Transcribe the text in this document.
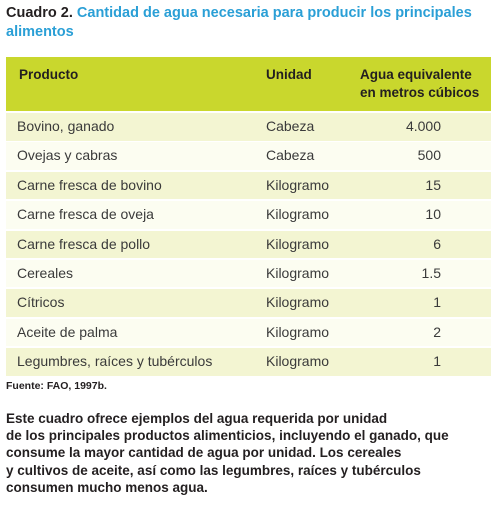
Cuadro 2. Cantidad de agua necesaria para producir los principales alimentos
Producto	Unidad	Agua equivalente
en metros cúbicos
Bovino, ganado	Cabeza	4.000
Ovejas y cabras	Cabeza	500
Carne fresca de bovino	Kilogramo	15
Carne fresca de oveja	Kilogramo	10
Carne fresca de pollo	Kilogramo	6
Cereales	Kilogramo	1.5
Cítricos	Kilogramo	1
Aceite de palma	Kilogramo	2
Legumbres, raíces y tubérculos	Kilogramo	1
Fuente: FAO, 1997b.
Este cuadro ofrece ejemplos del agua requerida por unidad
de los principales productos alimenticios, incluyendo el ganado, que
consume la mayor cantidad de agua por unidad. Los cereales
y cultivos de aceite, así como las legumbres, raíces y tubérculos
consumen mucho menos agua.
